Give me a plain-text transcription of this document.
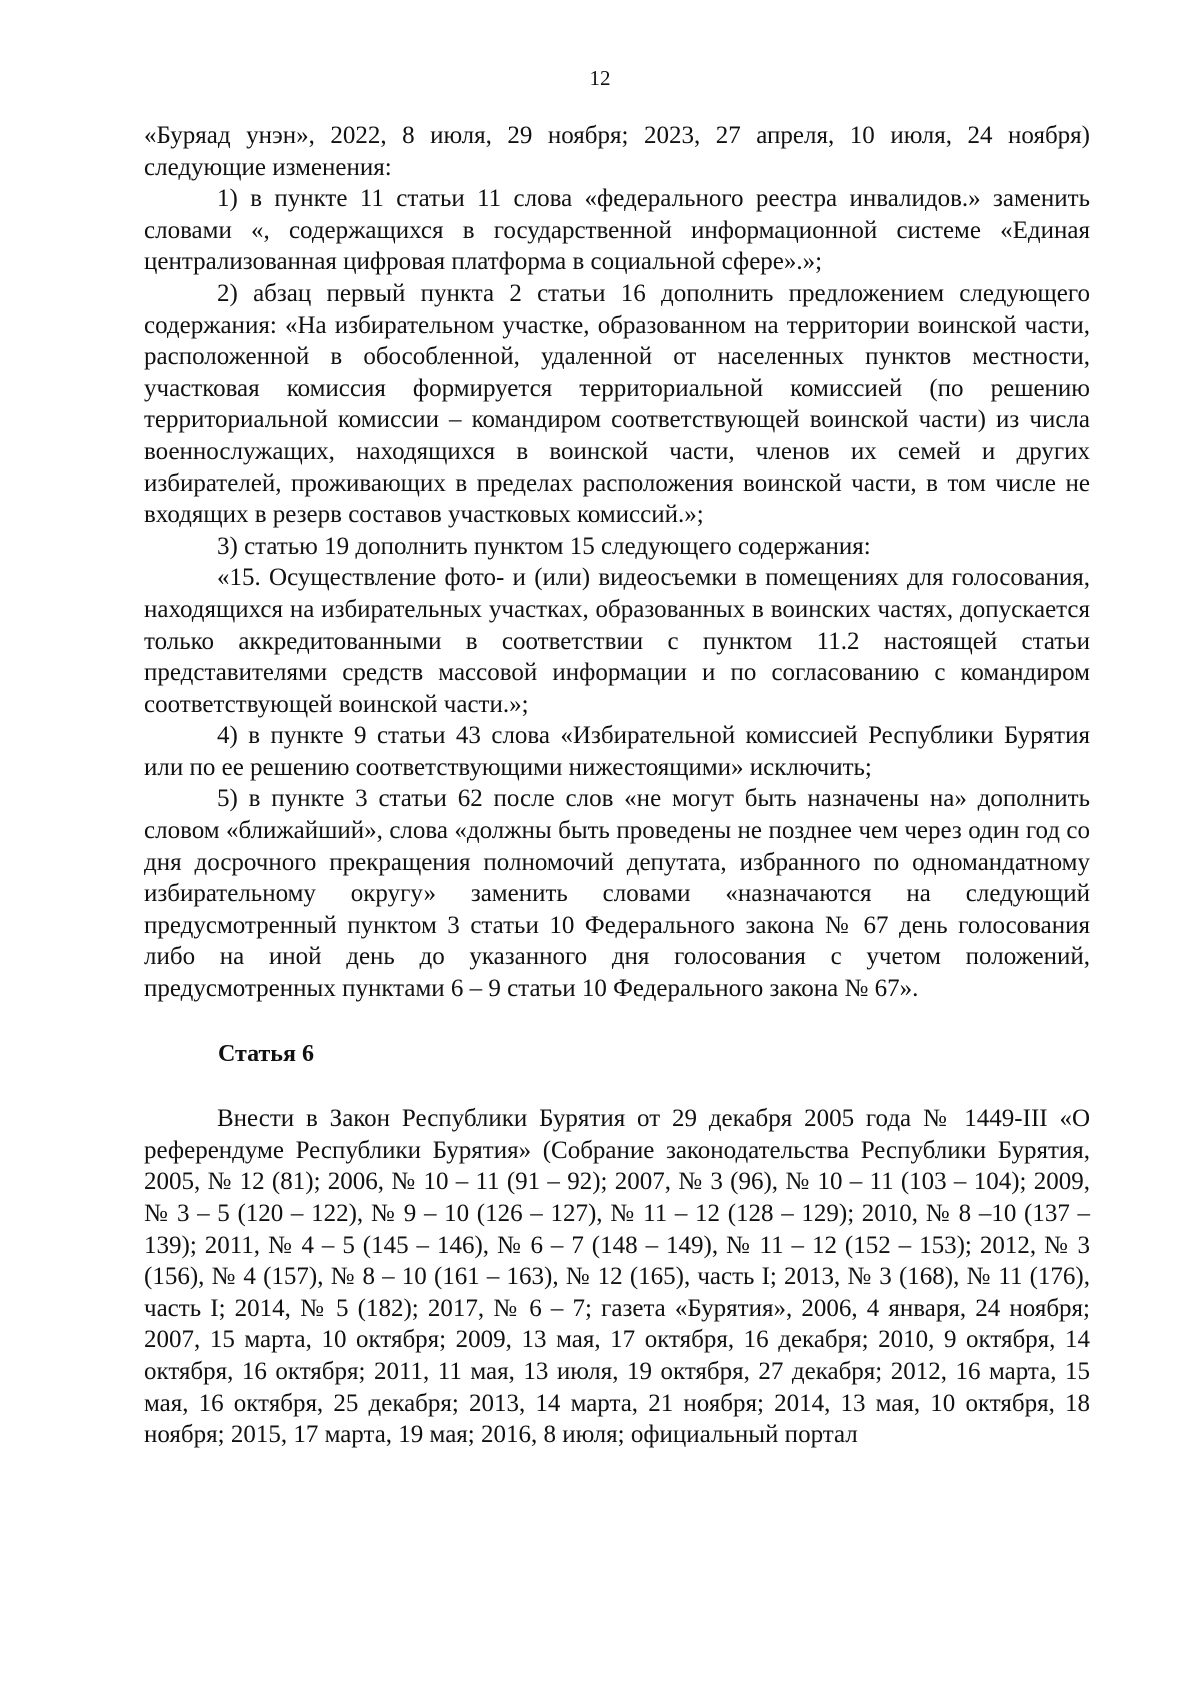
12

«Буряад унэн», 2022, 8 июля, 29 ноября; 2023, 27 апреля, 10 июля, 24 ноября) следующие изменения:

1) в пункте 11 статьи 11 слова «федерального реестра инвалидов.» заменить словами «, содержащихся в государственной информационной системе «Единая централизованная цифровая платформа в социальной сфере».»;

2) абзац первый пункта 2 статьи 16 дополнить предложением следующего содержания: «На избирательном участке, образованном на территории воинской части, расположенной в обособленной, удаленной от населенных пунктов местности, участковая комиссия формируется территориальной комиссией (по решению территориальной комиссии – командиром соответствующей воинской части) из числа военнослужащих, находящихся в воинской части, членов их семей и других избирателей, проживающих в пределах расположения воинской части, в том числе не входящих в резерв составов участковых комиссий.»;

3) статью 19 дополнить пунктом 15 следующего содержания:

«15. Осуществление фото- и (или) видеосъемки в помещениях для голосования, находящихся на избирательных участках, образованных в воинских частях, допускается только аккредитованными в соответствии с пунктом 11.2 настоящей статьи представителями средств массовой информации и по согласованию с командиром соответствующей воинской части.»;

4) в пункте 9 статьи 43 слова «Избирательной комиссией Республики Бурятия или по ее решению соответствующими нижестоящими» исключить;

5) в пункте 3 статьи 62 после слов «не могут быть назначены на» дополнить словом «ближайший», слова «должны быть проведены не позднее чем через один год со дня досрочного прекращения полномочий депутата, избранного по одномандатному избирательному округу» заменить словами «назначаются на следующий предусмотренный пунктом 3 статьи 10 Федерального закона № 67 день голосования либо на иной день до указанного дня голосования с учетом положений, предусмотренных пунктами 6 – 9 статьи 10 Федерального закона № 67».

Статья 6

Внести в Закон Республики Бурятия от 29 декабря 2005 года № 1449-III «О референдуме Республики Бурятия» (Собрание законодательства Республики Бурятия, 2005, № 12 (81); 2006, № 10 – 11 (91 – 92); 2007, № 3 (96), № 10 – 11 (103 – 104); 2009, № 3 – 5 (120 – 122), № 9 – 10 (126 – 127), № 11 – 12 (128 – 129); 2010, № 8 –10 (137 – 139); 2011, № 4 – 5 (145 – 146), № 6 – 7 (148 – 149), № 11 – 12 (152 – 153); 2012, № 3 (156), № 4 (157), № 8 – 10 (161 – 163), № 12 (165), часть I; 2013, № 3 (168), № 11 (176), часть I; 2014, № 5 (182); 2017, № 6 – 7; газета «Бурятия», 2006, 4 января, 24 ноября; 2007, 15 марта, 10 октября; 2009, 13 мая, 17 октября, 16 декабря; 2010, 9 октября, 14 октября, 16 октября; 2011, 11 мая, 13 июля, 19 октября, 27 декабря; 2012, 16 марта, 15 мая, 16 октября, 25 декабря; 2013, 14 марта, 21 ноября; 2014, 13 мая, 10 октября, 18 ноября; 2015, 17 марта, 19 мая; 2016, 8 июля; официальный портал
